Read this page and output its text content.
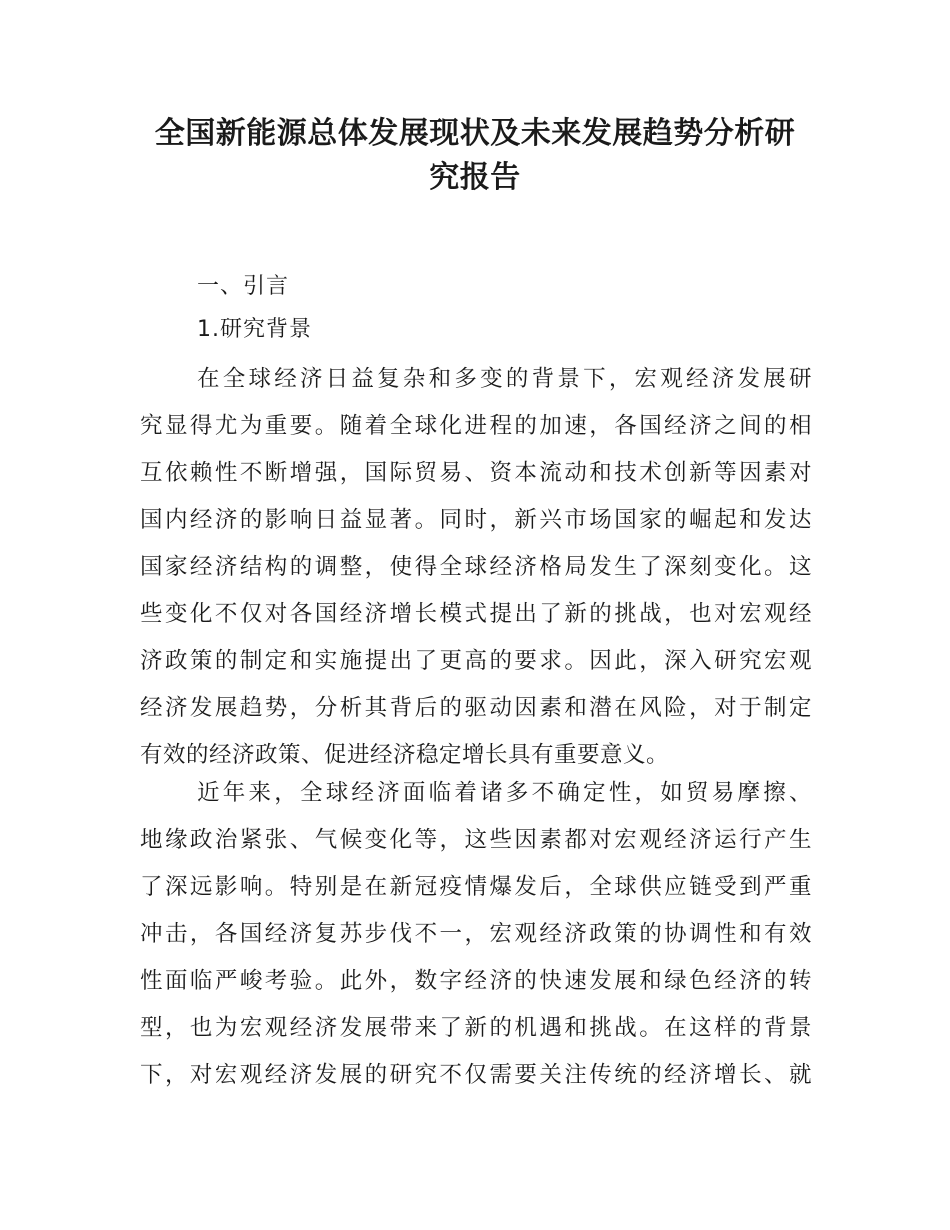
全国新能源总体发展现状及未来发展趋势分析研
究报告
一、引言
1.研究背景
在全球经济日益复杂和多变的背景下，宏观经济发展研
究显得尤为重要。随着全球化进程的加速，各国经济之间的相
互依赖性不断增强，国际贸易、资本流动和技术创新等因素对
国内经济的影响日益显著。同时，新兴市场国家的崛起和发达
国家经济结构的调整，使得全球经济格局发生了深刻变化。这
些变化不仅对各国经济增长模式提出了新的挑战，也对宏观经
济政策的制定和实施提出了更高的要求。因此，深入研究宏观
经济发展趋势，分析其背后的驱动因素和潜在风险，对于制定
有效的经济政策、促进经济稳定增长具有重要意义。
近年来，全球经济面临着诸多不确定性，如贸易摩擦、
地缘政治紧张、气候变化等，这些因素都对宏观经济运行产生
了深远影响。特别是在新冠疫情爆发后，全球供应链受到严重
冲击，各国经济复苏步伐不一，宏观经济政策的协调性和有效
性面临严峻考验。此外，数字经济的快速发展和绿色经济的转
型，也为宏观经济发展带来了新的机遇和挑战。在这样的背景
下，对宏观经济发展的研究不仅需要关注传统的经济增长、就
